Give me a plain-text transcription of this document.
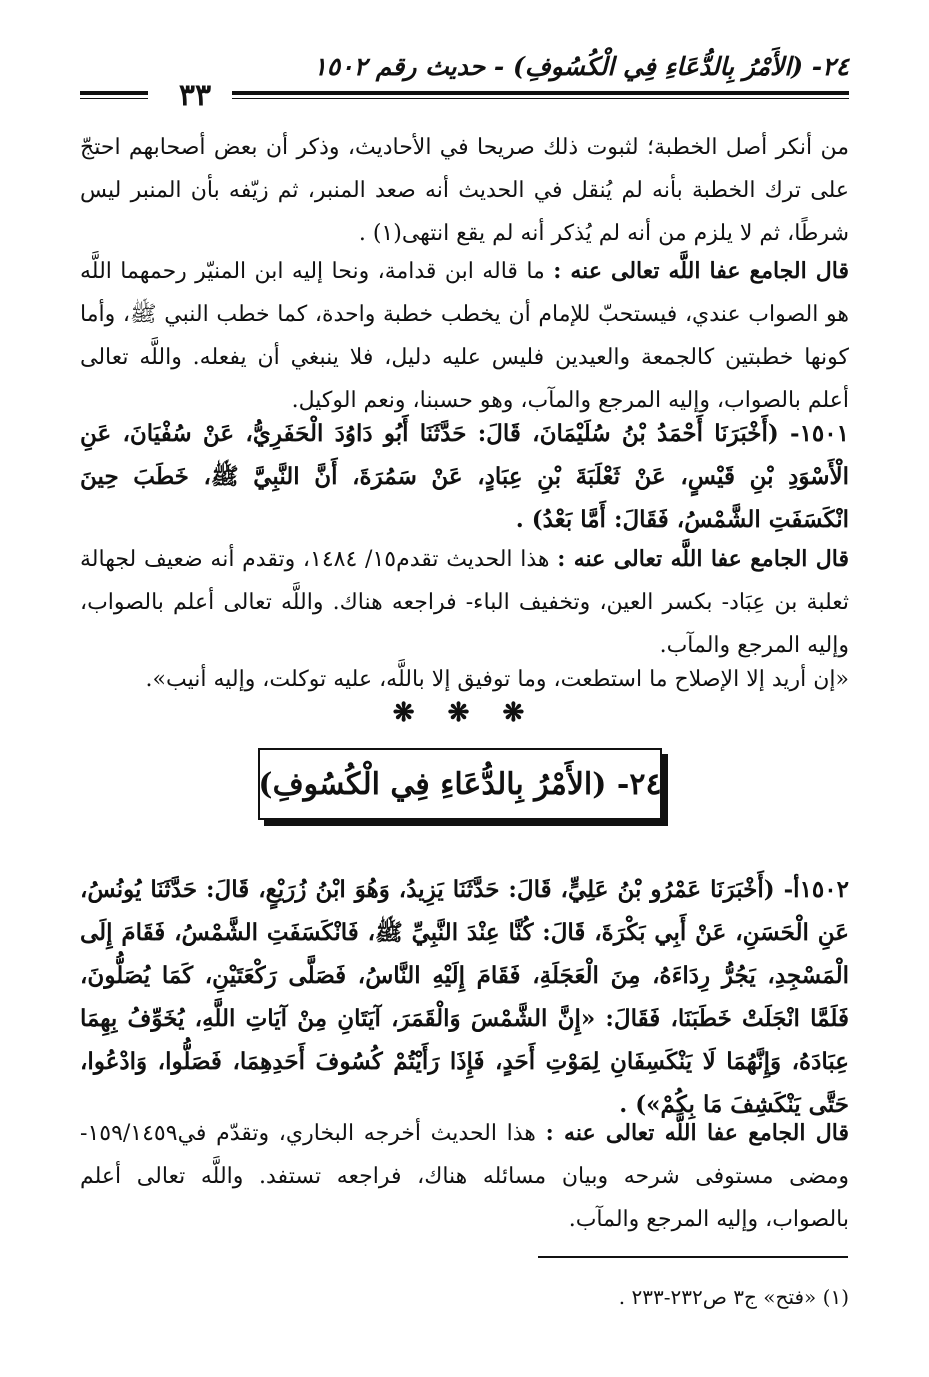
٢٤- (الأَمْرُ بِالدُّعَاءِ فِي الْكُسُوفِ) - حديث رقم ١٥٠٢
٣٣

من أنكر أصل الخطبة؛ لثبوت ذلك صريحا في الأحاديث، وذكر أن بعض أصحابهم احتجّ على ترك الخطبة بأنه لم يُنقل في الحديث أنه صعد المنبر، ثم زيّفه بأن المنبر ليس شرطًا، ثم لا يلزم من أنه لم يُذكر أنه لم يقع انتهى(١) .

قال الجامع عفا اللَّه تعالى عنه : ما قاله ابن قدامة، ونحا إليه ابن المنيّر رحمهما اللَّه هو الصواب عندي، فيستحبّ للإمام أن يخطب خطبة واحدة، كما خطب النبي ﷺ، وأما كونها خطبتين كالجمعة والعيدين فليس عليه دليل، فلا ينبغي أن يفعله. واللَّه تعالى أعلم بالصواب، وإليه المرجع والمآب، وهو حسبنا، ونعم الوكيل.

١٥٠١- (أَخْبَرَنَا أَحْمَدُ بْنُ سُلَيْمَانَ، قَالَ: حَدَّثَنَا أَبُو دَاوُدَ الْحَفَرِيُّ، عَنْ سُفْيَانَ، عَنِ الْأَسْوَدِ بْنِ قَيْسٍ، عَنْ ثَعْلَبَةَ بْنِ عِبَادٍ، عَنْ سَمُرَةَ، أَنَّ النَّبِيَّ ﷺ، خَطَبَ حِينَ انْكَسَفَتِ الشَّمْسُ، فَقَالَ: أَمَّا بَعْدُ) .

قال الجامع عفا اللَّه تعالى عنه : هذا الحديث تقدم١٥/ ١٤٨٤، وتقدم أنه ضعيف لجهالة ثعلبة بن عِبَاد- بكسر العين، وتخفيف الباء- فراجعه هناك. واللَّه تعالى أعلم بالصواب، وإليه المرجع والمآب.

«إن أريد إلا الإصلاح ما استطعت، وما توفيق إلا باللَّه، عليه توكلت، وإليه أنيب».

❋ ❋ ❋
٢٤- (الأَمْرُ بِالدُّعَاءِ فِي الْكُسُوفِ)

١٥٠٢أ- (أَخْبَرَنَا عَمْرُو بْنُ عَلِيٍّ، قَالَ: حَدَّثَنَا يَزِيدُ، وَهُوَ ابْنُ زُرَيْعٍ، قَالَ: حَدَّثَنَا يُونُسُ، عَنِ الْحَسَنِ، عَنْ أَبِي بَكْرَةَ، قَالَ: كُنَّا عِنْدَ النَّبِيِّ ﷺ، فَانْكَسَفَتِ الشَّمْسُ، فَقَامَ إِلَى الْمَسْجِدِ، يَجُرُّ رِدَاءَهُ، مِنَ الْعَجَلَةِ، فَقَامَ إِلَيْهِ النَّاسُ، فَصَلَّى رَكْعَتَيْنِ، كَمَا يُصَلُّونَ، فَلَمَّا انْجَلَتْ خَطَبَنَا، فَقَالَ: «إِنَّ الشَّمْسَ وَالْقَمَرَ، آيَتَانِ مِنْ آيَاتِ اللَّهِ، يُخَوِّفُ بِهِمَا عِبَادَهُ، وَإِنَّهُمَا لَا يَنْكَسِفَانِ لِمَوْتِ أَحَدٍ، فَإِذَا رَأَيْتُمْ كُسُوفَ أَحَدِهِمَا، فَصَلُّوا، وَادْعُوا، حَتَّى يَنْكَشِفَ مَا بِكُمْ») .

قال الجامع عفا اللَّه تعالى عنه : هذا الحديث أخرجه البخاري، وتقدّم في١٥٩/١٤٥٩- ومضى مستوفى شرحه وبيان مسائله هناك، فراجعه تستفد. واللَّه تعالى أعلم بالصواب، وإليه المرجع والمآب.

(١) «فتح» ج٣ ص٢٣٢-٢٣٣ .
